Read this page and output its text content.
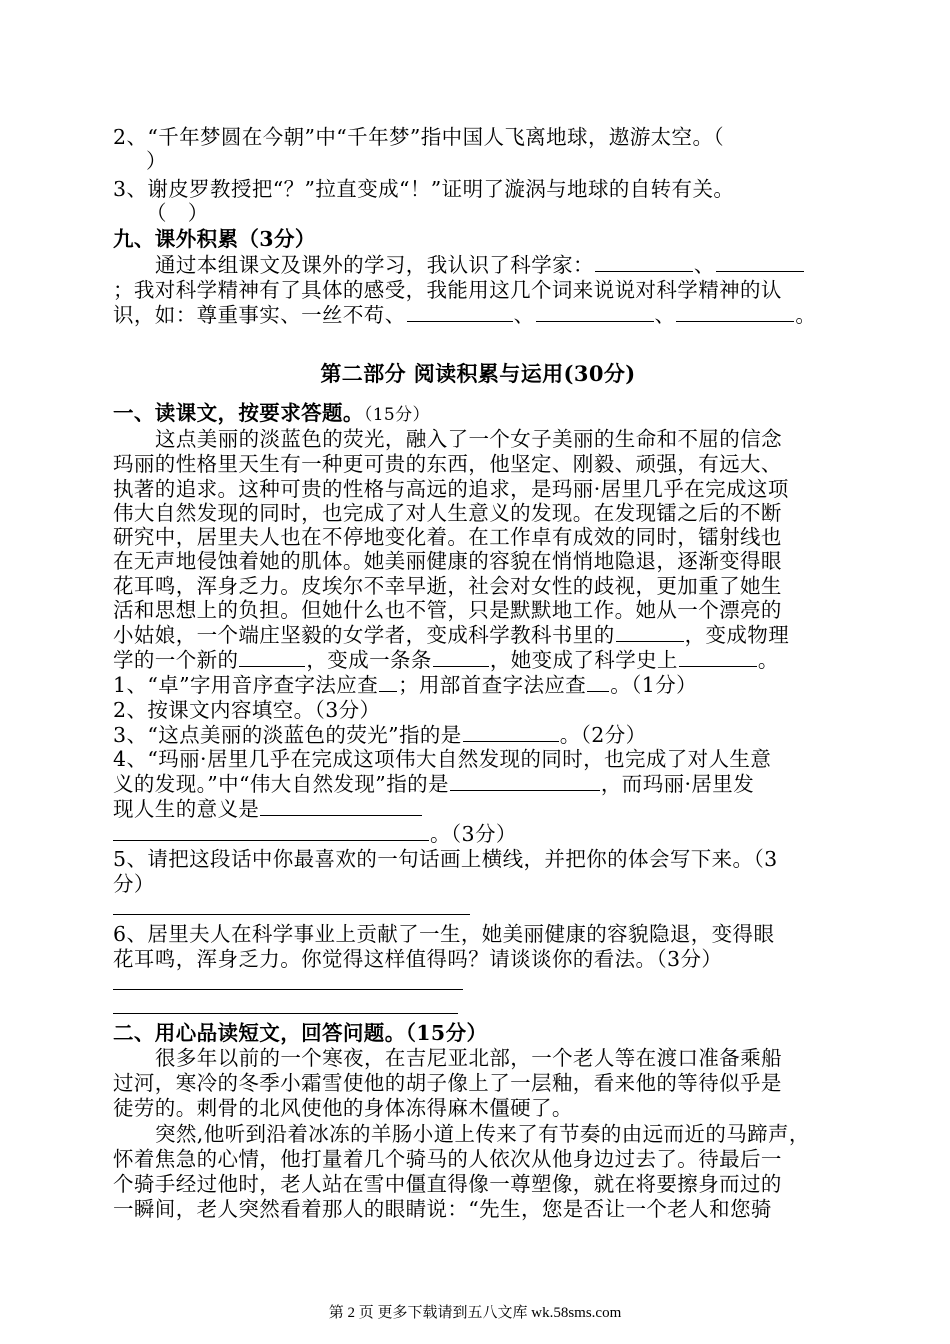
2、“千年梦圆在今朝”中“千年梦”指中国人飞离地球，遨游太空。（
）
3、谢皮罗教授把“？”拉直变成“！”证明了漩涡与地球的自转有关。
（　）
九、课外积累（3分）
通过本组课文及课外的学习，我认识了科学家：	、
；我对科学精神有了具体的感受，我能用这几个词来说说对科学精神的认
识，如：尊重事实、一丝不苟、	、	、	。
第二部分 阅读积累与运用(30分)
一、读课文，按要求答题。（15分）
这点美丽的淡蓝色的荧光，融入了一个女子美丽的生命和不屈的信念
玛丽的性格里天生有一种更可贵的东西，他坚定、刚毅、顽强，有远大、
执著的追求。这种可贵的性格与高远的追求，是玛丽·居里几乎在完成这项
伟大自然发现的同时，也完成了对人生意义的发现。在发现镭之后的不断
研究中，居里夫人也在不停地变化着。在工作卓有成效的同时，镭射线也
在无声地侵蚀着她的肌体。她美丽健康的容貌在悄悄地隐退，逐渐变得眼
花耳鸣，浑身乏力。皮埃尔不幸早逝，社会对女性的歧视，更加重了她生
活和思想上的负担。但她什么也不管，只是默默地工作。她从一个漂亮的
小姑娘，一个端庄坚毅的女学者，变成科学教科书里的	，变成物理
学的一个新的	，变成一条条	，她变成了科学史上	。
1、“卓”字用音序查字法应查 ；用部首查字法应查 。（1分）
2、按课文内容填空。（3分）
3、“这点美丽的淡蓝色的荧光”指的是	。（2分）
4、“玛丽·居里几乎在完成这项伟大自然发现的同时，也完成了对人生意
义的发现。”中“伟大自然发现”指的是	，而玛丽·居里发
现人生的意义是
。（3分）
5、请把这段话中你最喜欢的一句话画上横线，并把你的体会写下来。（3
分）
6、居里夫人在科学事业上贡献了一生，她美丽健康的容貌隐退，变得眼
花耳鸣，浑身乏力。你觉得这样值得吗？请谈谈你的看法。（3分）
二、用心品读短文，回答问题。（15分）
很多年以前的一个寒夜，在吉尼亚北部，一个老人等在渡口准备乘船
过河，寒冷的冬季小霜雪使他的胡子像上了一层釉，看来他的等待似乎是
徒劳的。刺骨的北风使他的身体冻得麻木僵硬了。
突然,他听到沿着冰冻的羊肠小道上传来了有节奏的由远而近的马蹄声，
怀着焦急的心情，他打量着几个骑马的人依次从他身边过去了。待最后一
个骑手经过他时，老人站在雪中僵直得像一尊塑像，就在将要擦身而过的
一瞬间，老人突然看着那人的眼睛说：“先生，您是否让一个老人和您骑
第 2 页 更多下载请到五八文库 wk.58sms.com
